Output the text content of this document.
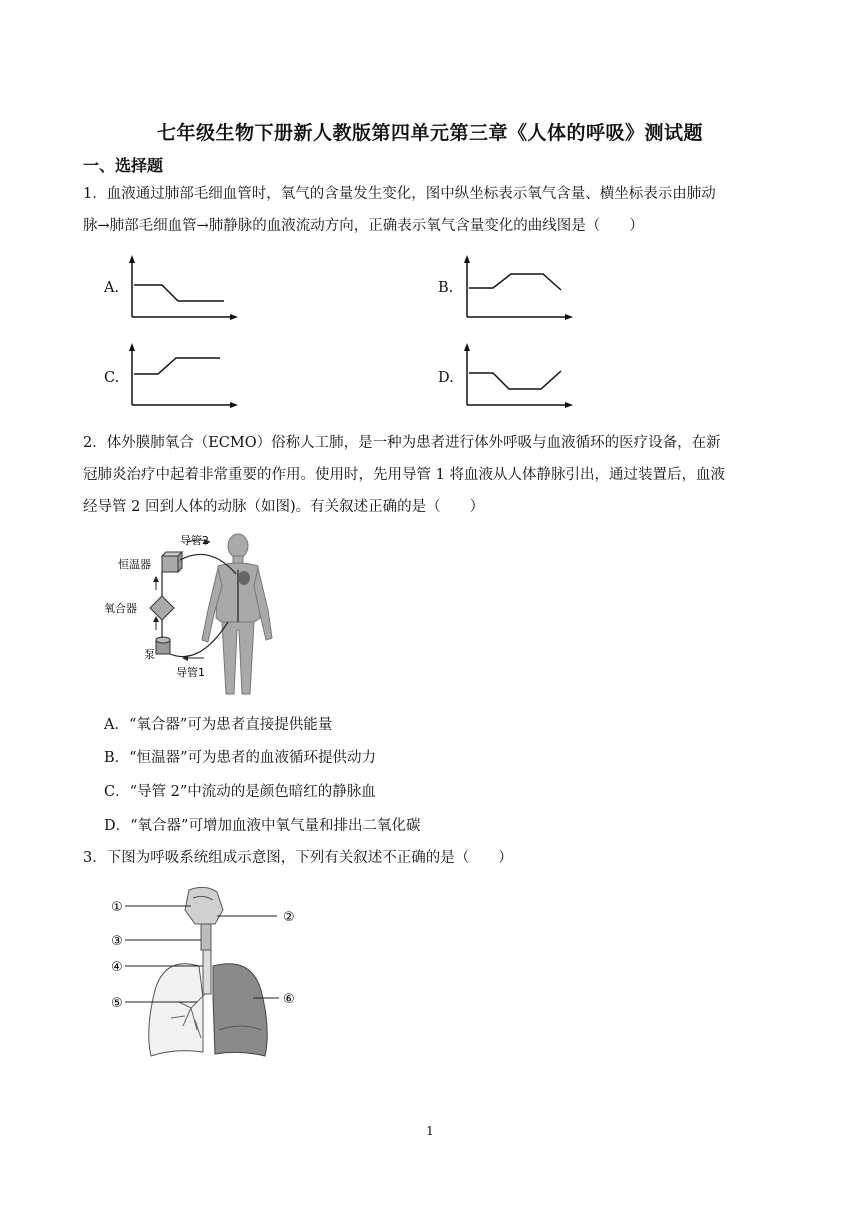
七年级生物下册新人教版第四单元第三章《人体的呼吸》测试题
一、选择题
1．血液通过肺部毛细血管时，氧气的含量发生变化，图中纵坐标表示氧气含量、横坐标表示由肺动
脉→肺部毛细血管→肺静脉的血液流动方向，正确表示氧气含量变化的曲线图是（　　）
A.	B.
C.	D.
2．体外膜肺氧合（ECMO）俗称人工肺，是一种为患者进行体外呼吸与血液循环的医疗设备，在新
冠肺炎治疗中起着非常重要的作用。使用时，先用导管 1 将血液从人体静脉引出，通过装置后，血液
经导管 2 回到人体的动脉（如图)。有关叙述正确的是（　　）
导管2
恒温器
氧合器
泵
导管1
A．“氧合器”可为患者直接提供能量
B．“恒温器”可为患者的血液循环提供动力
C．“导管 2”中流动的是颜色暗红的静脉血
D．“氧合器”可增加血液中氧气量和排出二氧化碳
3．下图为呼吸系统组成示意图，下列有关叙述不正确的是（　　）
①
②
③
④
⑤	⑥
1
